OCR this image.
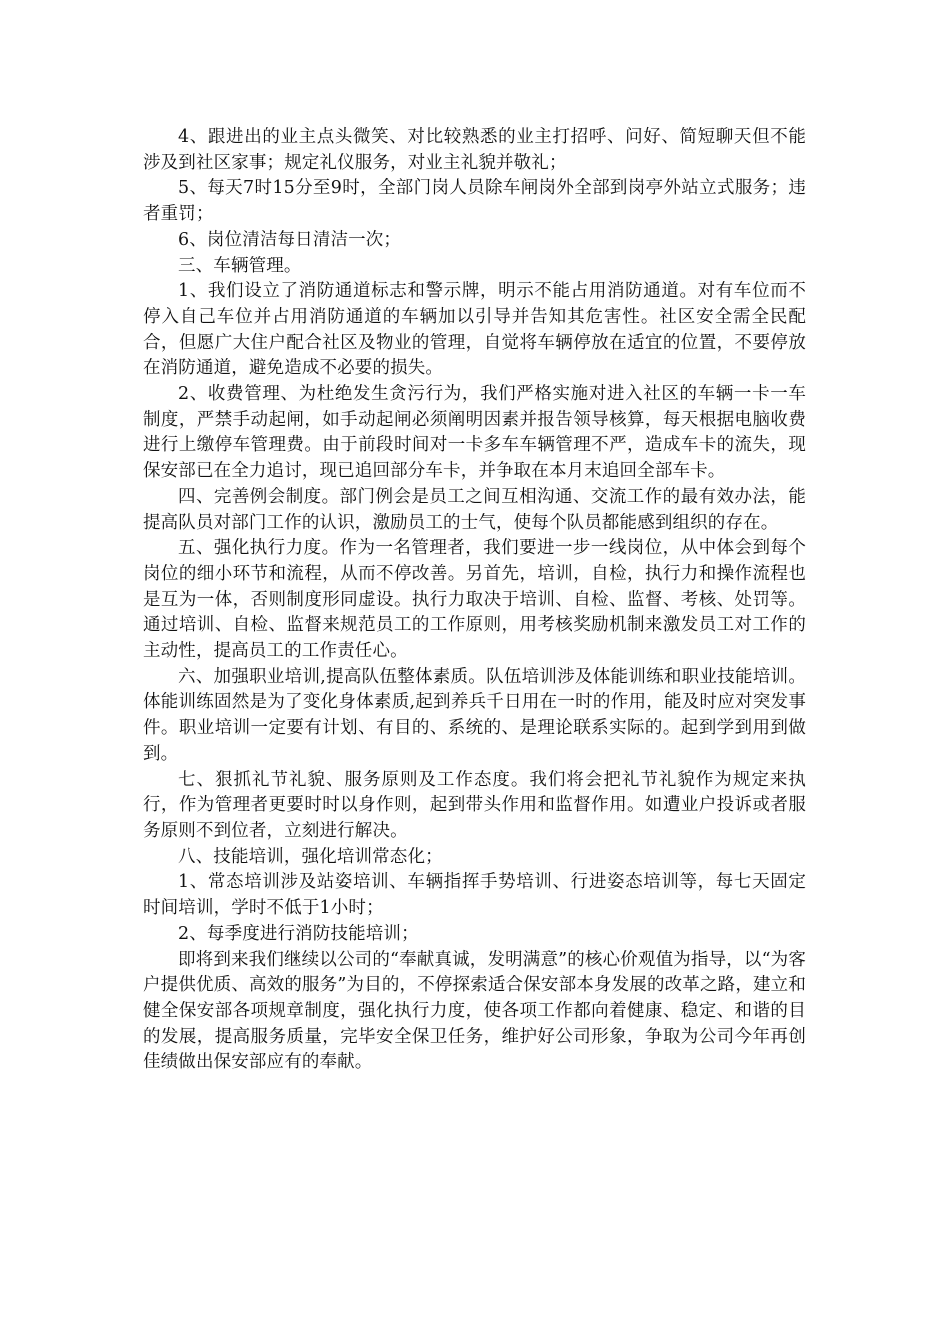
4、跟进出的业主点头微笑、对比较熟悉的业主打招呼、问好、简短聊天但不能涉及到社区家事；规定礼仪服务，对业主礼貌并敬礼；

5、每天7时15分至9时，全部门岗人员除车闸岗外全部到岗亭外站立式服务；违者重罚；

6、岗位清洁每日清洁一次；

三、车辆管理。

1、我们设立了消防通道标志和警示牌，明示不能占用消防通道。对有车位而不停入自己车位并占用消防通道的车辆加以引导并告知其危害性。社区安全需全民配合，但愿广大住户配合社区及物业的管理，自觉将车辆停放在适宜的位置，不要停放在消防通道，避免造成不必要的损失。

2、收费管理、为杜绝发生贪污行为，我们严格实施对进入社区的车辆一卡一车制度，严禁手动起闸，如手动起闸必须阐明因素并报告领导核算，每天根据电脑收费进行上缴停车管理费。由于前段时间对一卡多车车辆管理不严，造成车卡的流失，现保安部已在全力追讨，现已追回部分车卡，并争取在本月末追回全部车卡。

四、完善例会制度。部门例会是员工之间互相沟通、交流工作的最有效办法，能提高队员对部门工作的认识，激励员工的士气，使每个队员都能感到组织的存在。

五、强化执行力度。作为一名管理者，我们要进一步一线岗位，从中体会到每个岗位的细小环节和流程，从而不停改善。另首先，培训，自检，执行力和操作流程也是互为一体，否则制度形同虚设。执行力取决于培训、自检、监督、考核、处罚等。通过培训、自检、监督来规范员工的工作原则，用考核奖励机制来激发员工对工作的主动性，提高员工的工作责任心。

六、加强职业培训,提高队伍整体素质。队伍培训涉及体能训练和职业技能培训。体能训练固然是为了变化身体素质,起到养兵千日用在一时的作用，能及时应对突发事件。职业培训一定要有计划、有目的、系统的、是理论联系实际的。起到学到用到做到。

七、狠抓礼节礼貌、服务原则及工作态度。我们将会把礼节礼貌作为规定来执行，作为管理者更要时时以身作则，起到带头作用和监督作用。如遭业户投诉或者服务原则不到位者，立刻进行解决。

八、技能培训，强化培训常态化；

1、常态培训涉及站姿培训、车辆指挥手势培训、行进姿态培训等，每七天固定时间培训，学时不低于1小时；

2、每季度进行消防技能培训；

即将到来我们继续以公司的“奉献真诚，发明满意”的核心价观值为指导，以“为客户提供优质、高效的服务”为目的，不停探索适合保安部本身发展的改革之路，建立和健全保安部各项规章制度，强化执行力度，使各项工作都向着健康、稳定、和谐的目的发展，提高服务质量，完毕安全保卫任务，维护好公司形象，争取为公司今年再创佳绩做出保安部应有的奉献。
